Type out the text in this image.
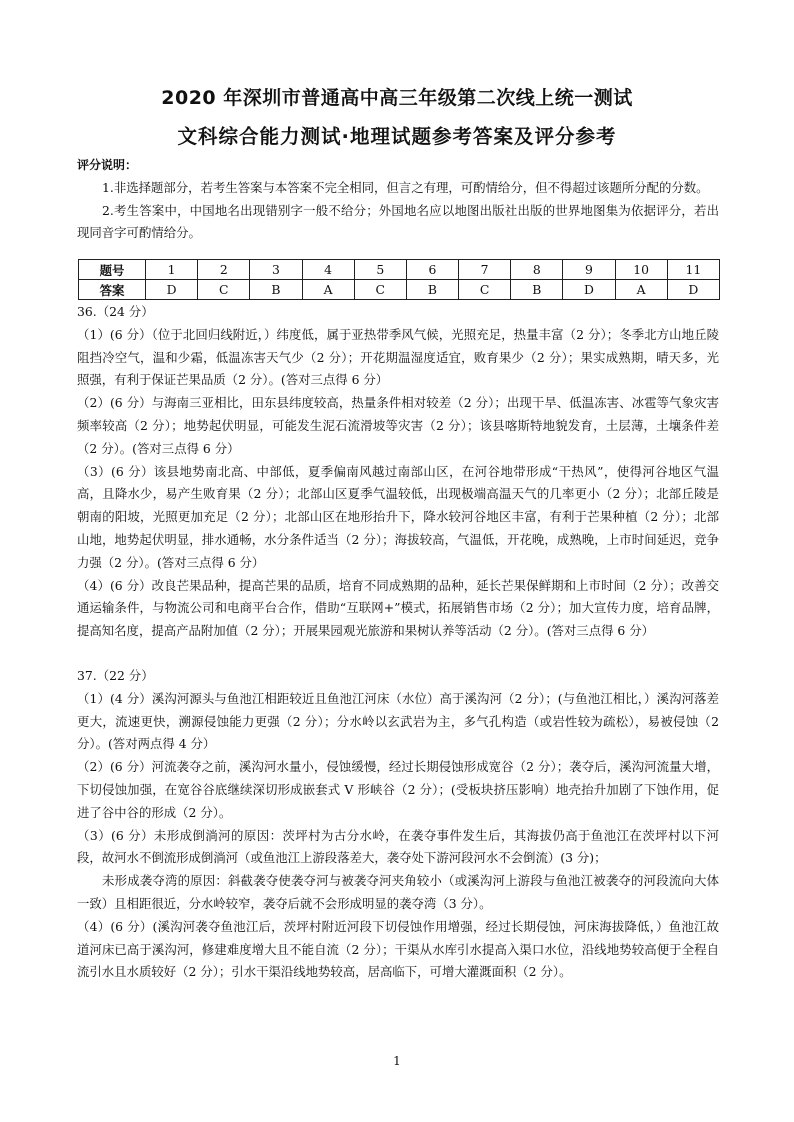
2020 年深圳市普通高中高三年级第二次线上统一测试
文科综合能力测试·地理试题参考答案及评分参考

评分说明：

1.非选择题部分，若考生答案与本答案不完全相同，但言之有理，可酌情给分，但不得超过该题所分配的分数。

2.考生答案中，中国地名出现错别字一般不给分；外国地名应以地图出版社出版的世界地图集为依据评分，若出现同音字可酌情给分。

题号	1	2	3	4	5	6	7	8	9	10	11
答案	D	C	B	A	C	B	C	B	D	A	D

36.（24 分）

（1）(6 分）（位于北回归线附近，）纬度低，属于亚热带季风气候，光照充足，热量丰富（2 分）；冬季北方山地丘陵阻挡冷空气，温和少霜，低温冻害天气少（2 分）；开花期温湿度适宜，败育果少（2 分）；果实成熟期，晴天多，光照强，有利于保证芒果品质（2 分）。(答对三点得 6 分）

（2）(6 分）与海南三亚相比，田东县纬度较高，热量条件相对较差（2 分）；出现干旱、低温冻害、冰雹等气象灾害频率较高（2 分）；地势起伏明显，可能发生泥石流滑坡等灾害（2 分）；该县喀斯特地貌发育，土层薄，土壤条件差（2 分）。(答对三点得 6 分）

（3）(6 分）该县地势南北高、中部低，夏季偏南风越过南部山区，在河谷地带形成“干热风”，使得河谷地区气温高，且降水少，易产生败育果（2 分）；北部山区夏季气温较低，出现极端高温天气的几率更小（2 分）；北部丘陵是朝南的阳坡，光照更加充足（2 分）；北部山区在地形抬升下，降水较河谷地区丰富，有利于芒果种植（2 分）；北部山地，地势起伏明显，排水通畅，水分条件适当（2 分）；海拔较高，气温低，开花晚，成熟晚，上市时间延迟，竞争力强（2 分）。(答对三点得 6 分）

（4）(6 分）改良芒果品种，提高芒果的品质，培育不同成熟期的品种，延长芒果保鲜期和上市时间（2 分）；改善交通运输条件，与物流公司和电商平台合作，借助“互联网+”模式，拓展销售市场（2 分）；加大宣传力度，培育品牌，提高知名度，提高产品附加值（2 分）；开展果园观光旅游和果树认养等活动（2 分）。(答对三点得 6 分）

37.（22 分）

（1）(4 分）溪沟河源头与鱼池江相距较近且鱼池江河床（水位）高于溪沟河（2 分）；(与鱼池江相比，）溪沟河落差更大，流速更快，溯源侵蚀能力更强（2 分）；分水岭以玄武岩为主，多气孔构造（或岩性较为疏松），易被侵蚀（2 分）。(答对两点得 4 分）

（2）(6 分）河流袭夺之前，溪沟河水量小，侵蚀缓慢，经过长期侵蚀形成宽谷（2 分）；袭夺后，溪沟河流量大增，下切侵蚀加强，在宽谷谷底继续深切形成嵌套式 V 形峡谷（2 分）；(受板块挤压影响）地壳抬升加剧了下蚀作用，促进了谷中谷的形成（2 分）。

（3）(6 分）未形成倒淌河的原因：茨坪村为古分水岭，在袭夺事件发生后，其海拔仍高于鱼池江在茨坪村以下河段，故河水不倒流形成倒淌河（或鱼池江上游段落差大，袭夺处下游河段河水不会倒流）(3 分)；

未形成袭夺湾的原因：斜截袭夺使袭夺河与被袭夺河夹角较小（或溪沟河上游段与鱼池江被袭夺的河段流向大体一致）且相距很近，分水岭较窄，袭夺后就不会形成明显的袭夺湾（3 分）。

（4）(6 分）(溪沟河袭夺鱼池江后，茨坪村附近河段下切侵蚀作用增强，经过长期侵蚀，河床海拔降低，）鱼池江故道河床已高于溪沟河，修建难度增大且不能自流（2 分）；干渠从水库引水提高入渠口水位，沿线地势较高便于全程自流引水且水质较好（2 分）；引水干渠沿线地势较高，居高临下，可增大灌溉面积（2 分）。

1
